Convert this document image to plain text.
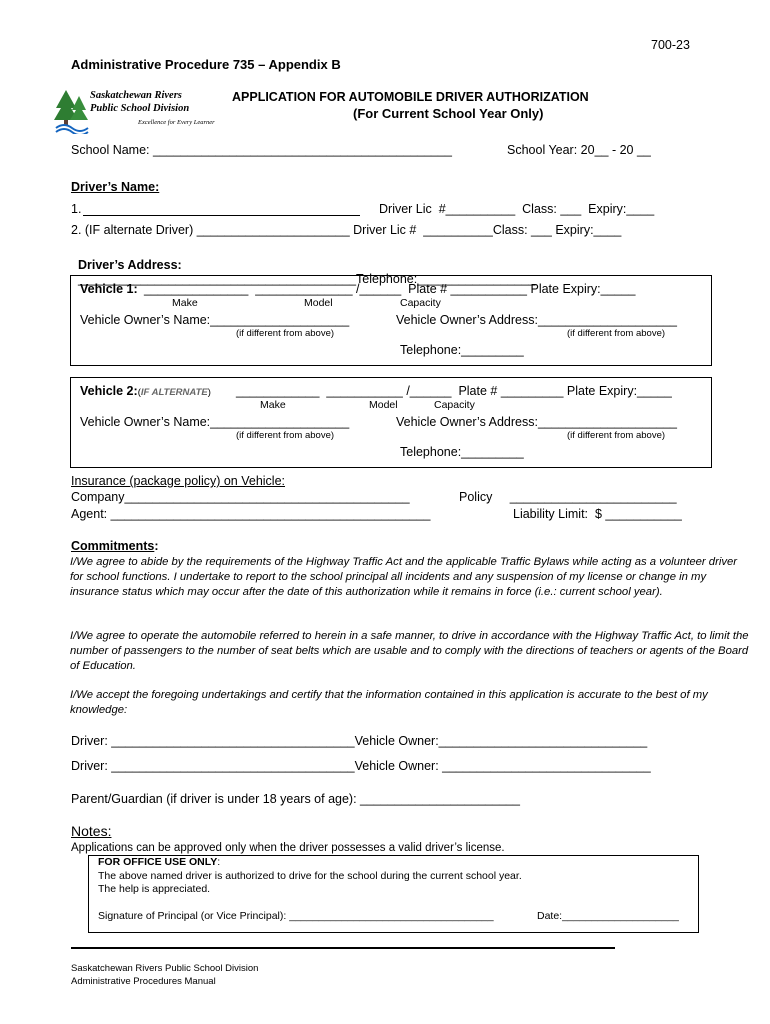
700-23
Administrative Procedure 735 – Appendix B
Saskatchewan Rivers
Public School Division
Excellence for Every Learner
APPLICATION FOR AUTOMOBILE DRIVER AUTHORIZATION
(For Current School Year Only)
School Name: ___________________________________________	School Year: 20__ - 20 __
Driver’s Name:
1.	Driver Lic  #__________  Class: ___  Expiry:____
2. (IF alternate Driver) ______________________ Driver Lic #  __________Class: ___ Expiry:____

Driver’s Address:
________________________________________Telephone:_________________

Vehicle 1: _______________  ______________ /______  Plate # ___________ Plate Expiry:_____
Make	Model	Capacity
Vehicle Owner’s Name:____________________	Vehicle Owner’s Address:____________________
(if different from above)	(if different from above)
Telephone:_________
Vehicle 2:(IF ALTERNATE) ____________  ___________ /______  Plate # _________ Plate Expiry:_____
Make	Model	Capacity
Vehicle Owner’s Name:____________________	Vehicle Owner’s Address:____________________
(if different from above)	(if different from above)
Telephone:_________
Insurance (package policy) on Vehicle:
Company_________________________________________	Policy     ________________________
Agent: ______________________________________________	Liability Limit:  $ ___________
Commitments:
I/We agree to abide by the requirements of the Highway Traffic Act and the applicable Traffic Bylaws while acting as a volunteer driver for school functions. I undertake to report to the school principal all incidents and any suspension of my license or change in my insurance status which may occur after the date of this authorization while it remains in force (i.e.: current school year).
I/We agree to operate the automobile referred to herein in a safe manner, to drive in accordance with the Highway Traffic Act, to limit the number of passengers to the number of seat belts which are usable and to comply with the directions of teachers or agents of the Board of Education.
I/We accept the foregoing undertakings and certify that the information contained in this application is accurate to the best of my knowledge:
Driver: ___________________________________Vehicle Owner:______________________________
Driver: ___________________________________Vehicle Owner: ______________________________
Parent/Guardian (if driver is under 18 years of age): _______________________
Notes:
Applications can be approved only when the driver possesses a valid driver’s license.
FOR OFFICE USE ONLY:
The above named driver is authorized to drive for the school during the current school year.
The help is appreciated.
Signature of Principal (or Vice Principal): ___________________________________	Date:____________________
Saskatchewan Rivers Public School Division
Administrative Procedures Manual
